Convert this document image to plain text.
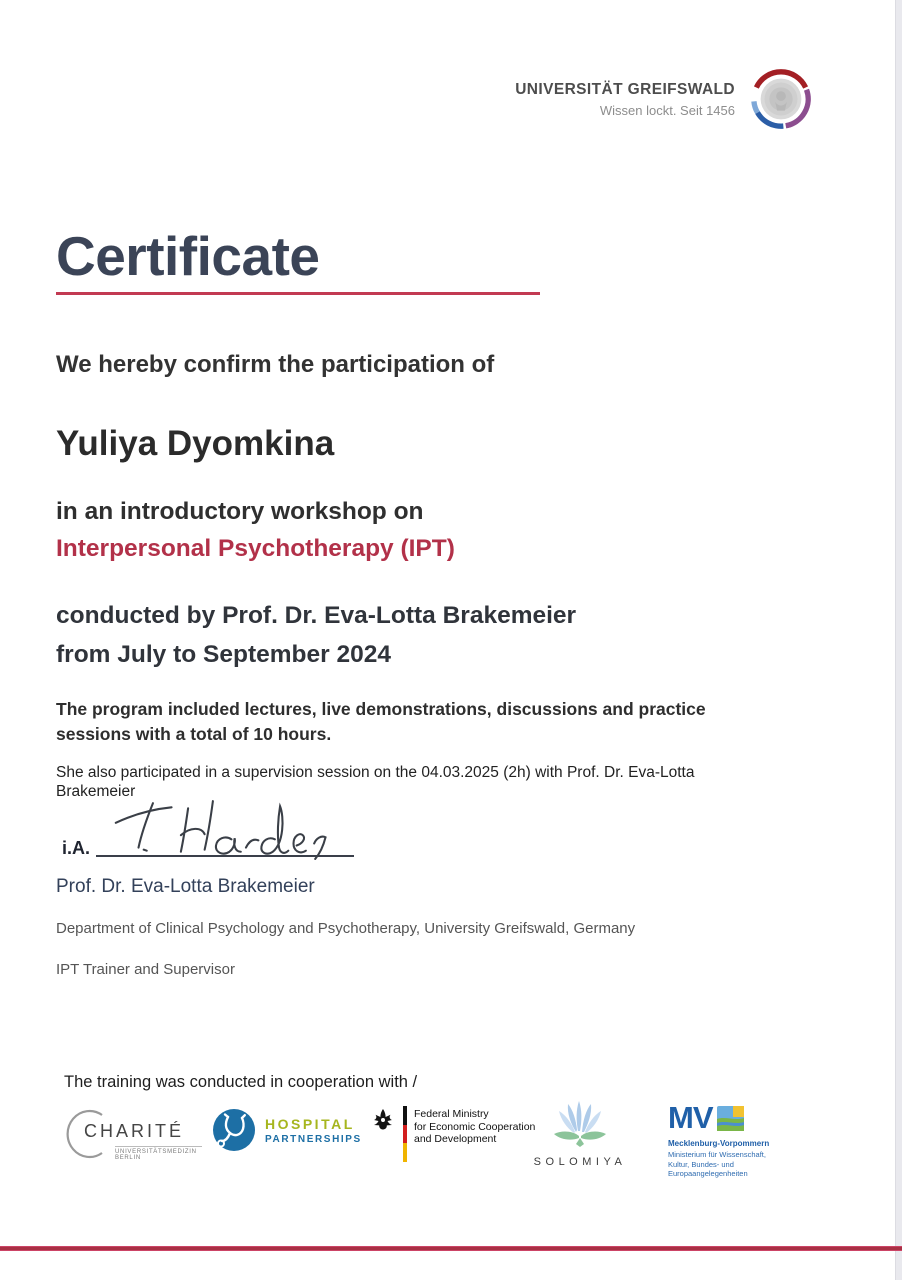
UNIVERSITÄT GREIFSWALD
Wissen lockt. Seit 1456
Certificate
We hereby confirm the participation of
Yuliya Dyomkina
in an introductory workshop on
Interpersonal Psychotherapy (IPT)
conducted by Prof. Dr. Eva-Lotta Brakemeier
from July to September 2024
The program included lectures, live demonstrations, discussions and practice sessions with a total of 10 hours.
She also participated in a supervision session on the 04.03.2025 (2h) with Prof. Dr. Eva-Lotta Brakemeier
i.A.
Prof. Dr. Eva-Lotta Brakemeier
Department of Clinical Psychology and Psychotherapy, University Greifswald, Germany
IPT Trainer and Supervisor
The training was conducted in cooperation with /
CHARITÉ
UNIVERSITÄTSMEDIZIN BERLIN
HOSPITAL
PARTNERSHIPS
Federal Ministry
for Economic Cooperation
and Development
SOLOMIYA
MV
Mecklenburg-Vorpommern
Ministerium für Wissenschaft,
Kultur, Bundes- und
Europaangelegenheiten
